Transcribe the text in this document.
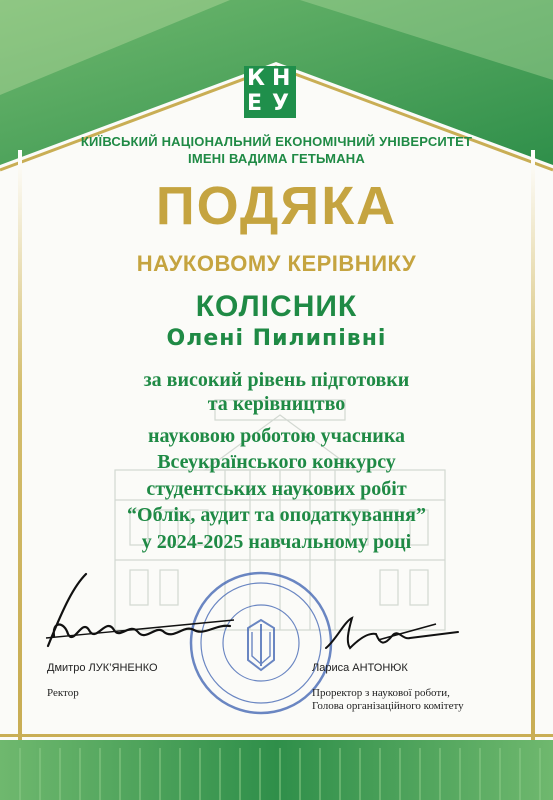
К Н
Е У
КИЇВСЬКИЙ НАЦІОНАЛЬНИЙ ЕКОНОМІЧНИЙ УНІВЕРСИТЕТ
ІМЕНІ ВАДИМА ГЕТЬМАНА
ПОДЯКА
НАУКОВОМУ КЕРІВНИКУ
КОЛІСНИК
Олені Пилипівні
за високий рівень підготовки
та керівництво
науковою роботою учасника
Всеукраїнського конкурсу
студентських наукових робіт
“Облік, аудит та оподаткування”
у 2024-2025 навчальному році
Дмитро ЛУК’ЯНЕНКО
Ректор
Лариса АНТОНЮК
Проректор з наукової роботи,
Голова організаційного комітету
